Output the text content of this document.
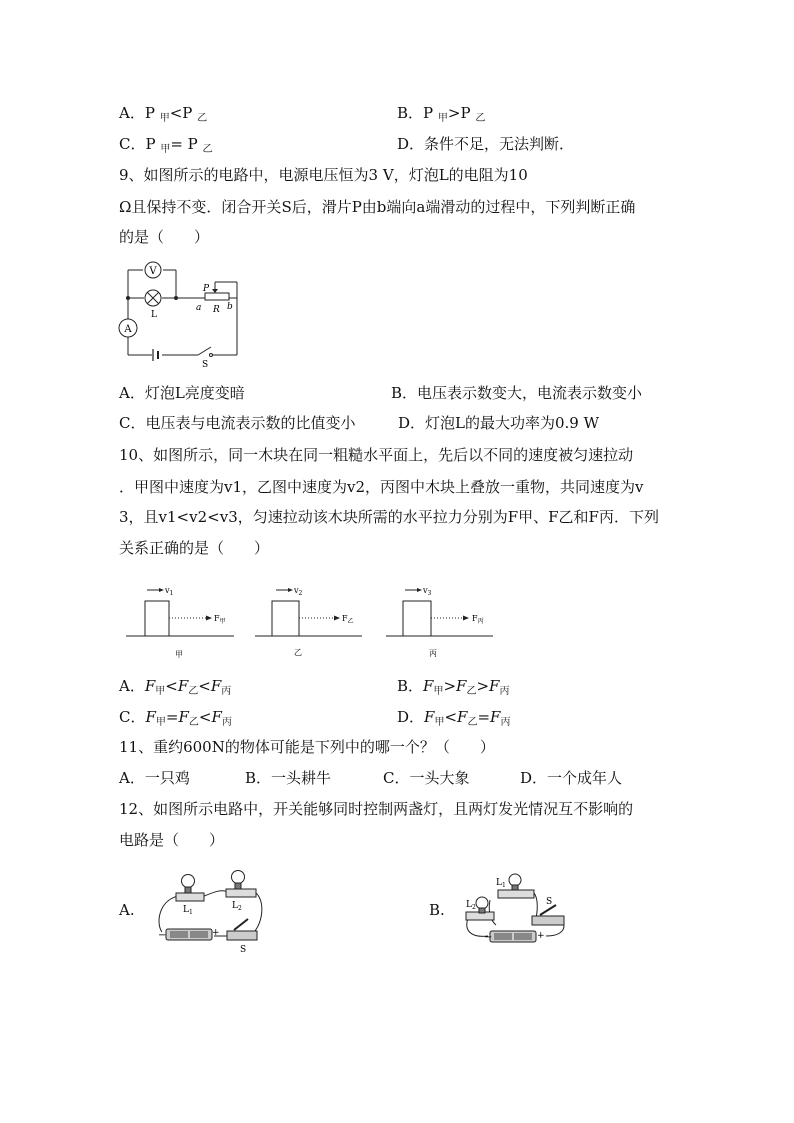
A．P $_甲$<P $_乙$	B．P $_甲$>P $_乙$
C．P $_甲$= P $_乙$	D．条件不足，无法判断．
9、如图所示的电路中，电源电压恒为3 V，灯泡L的电阻为10
Ω且保持不变．闭合开关S后，滑片P由b端向a端滑动的过程中，下列判断正确
的是（　　）
V
L
A
P
a R b
S
A．灯泡L亮度变暗	B．电压表示数变大，电流表示数变小
C．电压表与电流表示数的比值变小	D．灯泡L的最大功率为0.9 W
10、如图所示，同一木块在同一粗糙水平面上，先后以不同的速度被匀速拉动
．甲图中速度为v1，乙图中速度为v2，丙图中木块上叠放一重物，共同速度为v
3，且v1<v2<v3，匀速拉动该木块所需的水平拉力分别为F甲、F乙和F丙．下列
关系正确的是（　　）
$v_1$
$F_甲$
甲
$v_2$
$F_乙$
乙
$v_3$
$F_丙$
丙
A．$F_甲<F_乙<F_丙$	B．$F_甲>F_乙>F_丙$
C．$F_甲=F_乙<F_丙$	D．$F_甲<F_乙=F_丙$
11、重约600N的物体可能是下列中的哪一个？（　　）
A．一只鸡	B．一头耕牛	C．一头大象	D．一个成年人
12、如图所示电路中，开关能够同时控制两盏灯，且两灯发光情况互不影响的
电路是（　　）
A.	B.
$L_1$
$L_2$
−	+
S
$L_1$
$L_2$
−	+
S
